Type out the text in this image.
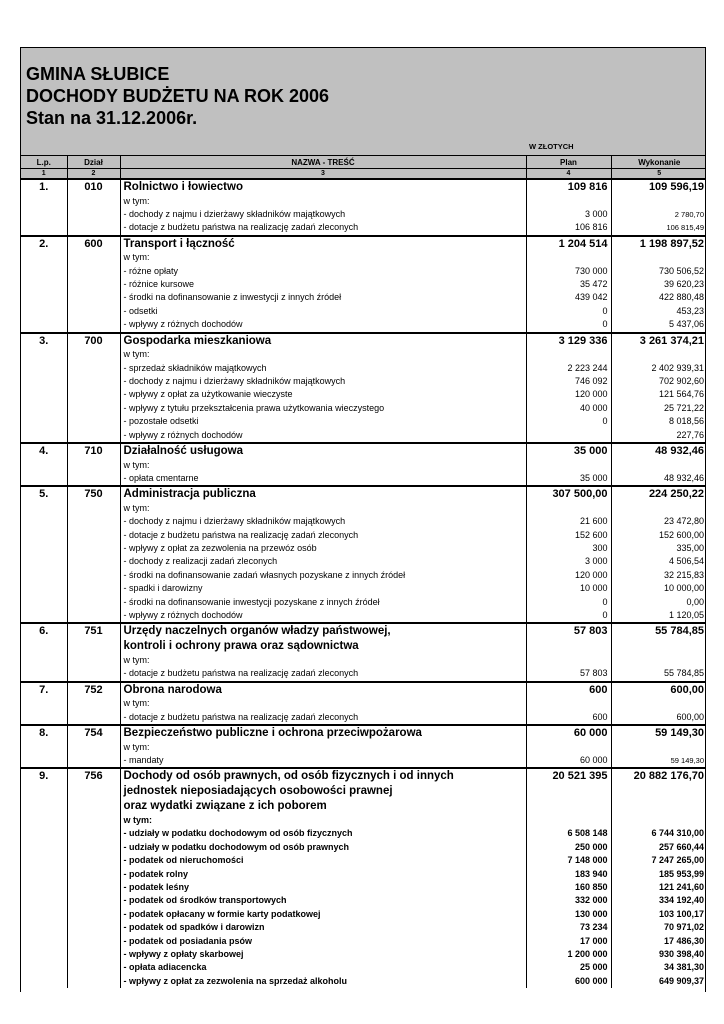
GMINA SŁUBICE
DOCHODY BUDŻETU NA ROK 2006
Stan na 31.12.2006r.
W ZŁOTYCH
L.p.	Dział	NAZWA - TREŚĆ	Plan	Wykonanie
1	2	3	4	5
1.	010	Rolnictwo i łowiectwo	109 816	109 596,19
		w tym:		
		- dochody z najmu i dzierżawy składników majątkowych	3 000	2 780,70
		- dotacje z budżetu państwa na realizację zadań zleconych	106 816	106 815,49
2.	600	Transport i łączność	1 204 514	1 198 897,52
		w tym:		
		- różne opłaty	730 000	730 506,52
		- różnice kursowe	35 472	39 620,23
		- środki na dofinansowanie z inwestycji z innych źródeł	439 042	422 880,48
		- odsetki	0	453,23
		- wpływy z różnych dochodów	0	5 437,06
3.	700	Gospodarka mieszkaniowa	3 129 336	3 261 374,21
		w tym:		
		- sprzedaż składników majątkowych	2 223 244	2 402 939,31
		- dochody z najmu i dzierżawy składników majątkowych	746 092	702 902,60
		- wpływy z opłat za użytkowanie wieczyste	120 000	121 564,76
		- wpływy z tytułu przekształcenia prawa użytkowania wieczystego	40 000	25 721,22
		- pozostałe odsetki	0	8 018,56
		- wpływy z różnych dochodów		227,76
4.	710	Działalność usługowa	35 000	48 932,46
		w tym:		
		- opłata cmentarne	35 000	48 932,46
5.	750	Administracja publiczna	307 500,00	224 250,22
		w tym:		
		- dochody z najmu i dzierżawy składników majątkowych	21 600	23 472,80
		- dotacje z budżetu państwa na realizację zadań zleconych	152 600	152 600,00
		- wpływy z opłat za zezwolenia na przewóz osób	300	335,00
		- dochody z realizacji zadań zleconych	3 000	4 506,54
		- środki na dofinansowanie zadań własnych pozyskane z innych źródeł	120 000	32 215,83
		- spadki i darowizny	10 000	10 000,00
		- środki na dofinansowanie inwestycji pozyskane z innych źródeł	0	0,00
		- wpływy z różnych dochodów	0	1 120,05
6.	751	Urzędy naczelnych organów władzy państwowej,	57 803	55 784,85
		kontroli i ochrony prawa oraz sądownictwa		
		w tym:		
		- dotacje z budżetu państwa na realizację zadań zleconych	57 803	55 784,85
7.	752	Obrona narodowa	600	600,00
		w tym:		
		- dotacje z budżetu państwa na realizację zadań zleconych	600	600,00
8.	754	Bezpieczeństwo publiczne i ochrona przeciwpożarowa	60 000	59 149,30
		w tym:		
		- mandaty	60 000	59 149,30
9.	756	Dochody od osób prawnych, od osób fizycznych i od innych	20 521 395	20 882 176,70
		jednostek nieposiadających osobowości prawnej		
		oraz wydatki związane z ich poborem		
		w tym:		
		- udziały w podatku dochodowym od osób fizycznych	6 508 148	6 744 310,00
		- udziały w podatku dochodowym od osób prawnych	250 000	257 660,44
		- podatek od nieruchomości	7 148 000	7 247 265,00
		- podatek rolny	183 940	185 953,99
		- podatek leśny	160 850	121 241,60
		- podatek od środków transportowych	332 000	334 192,40
		- podatek opłacany w formie karty podatkowej	130 000	103 100,17
		- podatek od spadków i darowizn	73 234	70 971,02
		- podatek od posiadania psów	17 000	17 486,30
		- wpływy z opłaty skarbowej	1 200 000	930 398,40
		- opłata adiacencka	25 000	34 381,30
		- wpływy z opłat za zezwolenia na sprzedaż alkoholu	600 000	649 909,37
